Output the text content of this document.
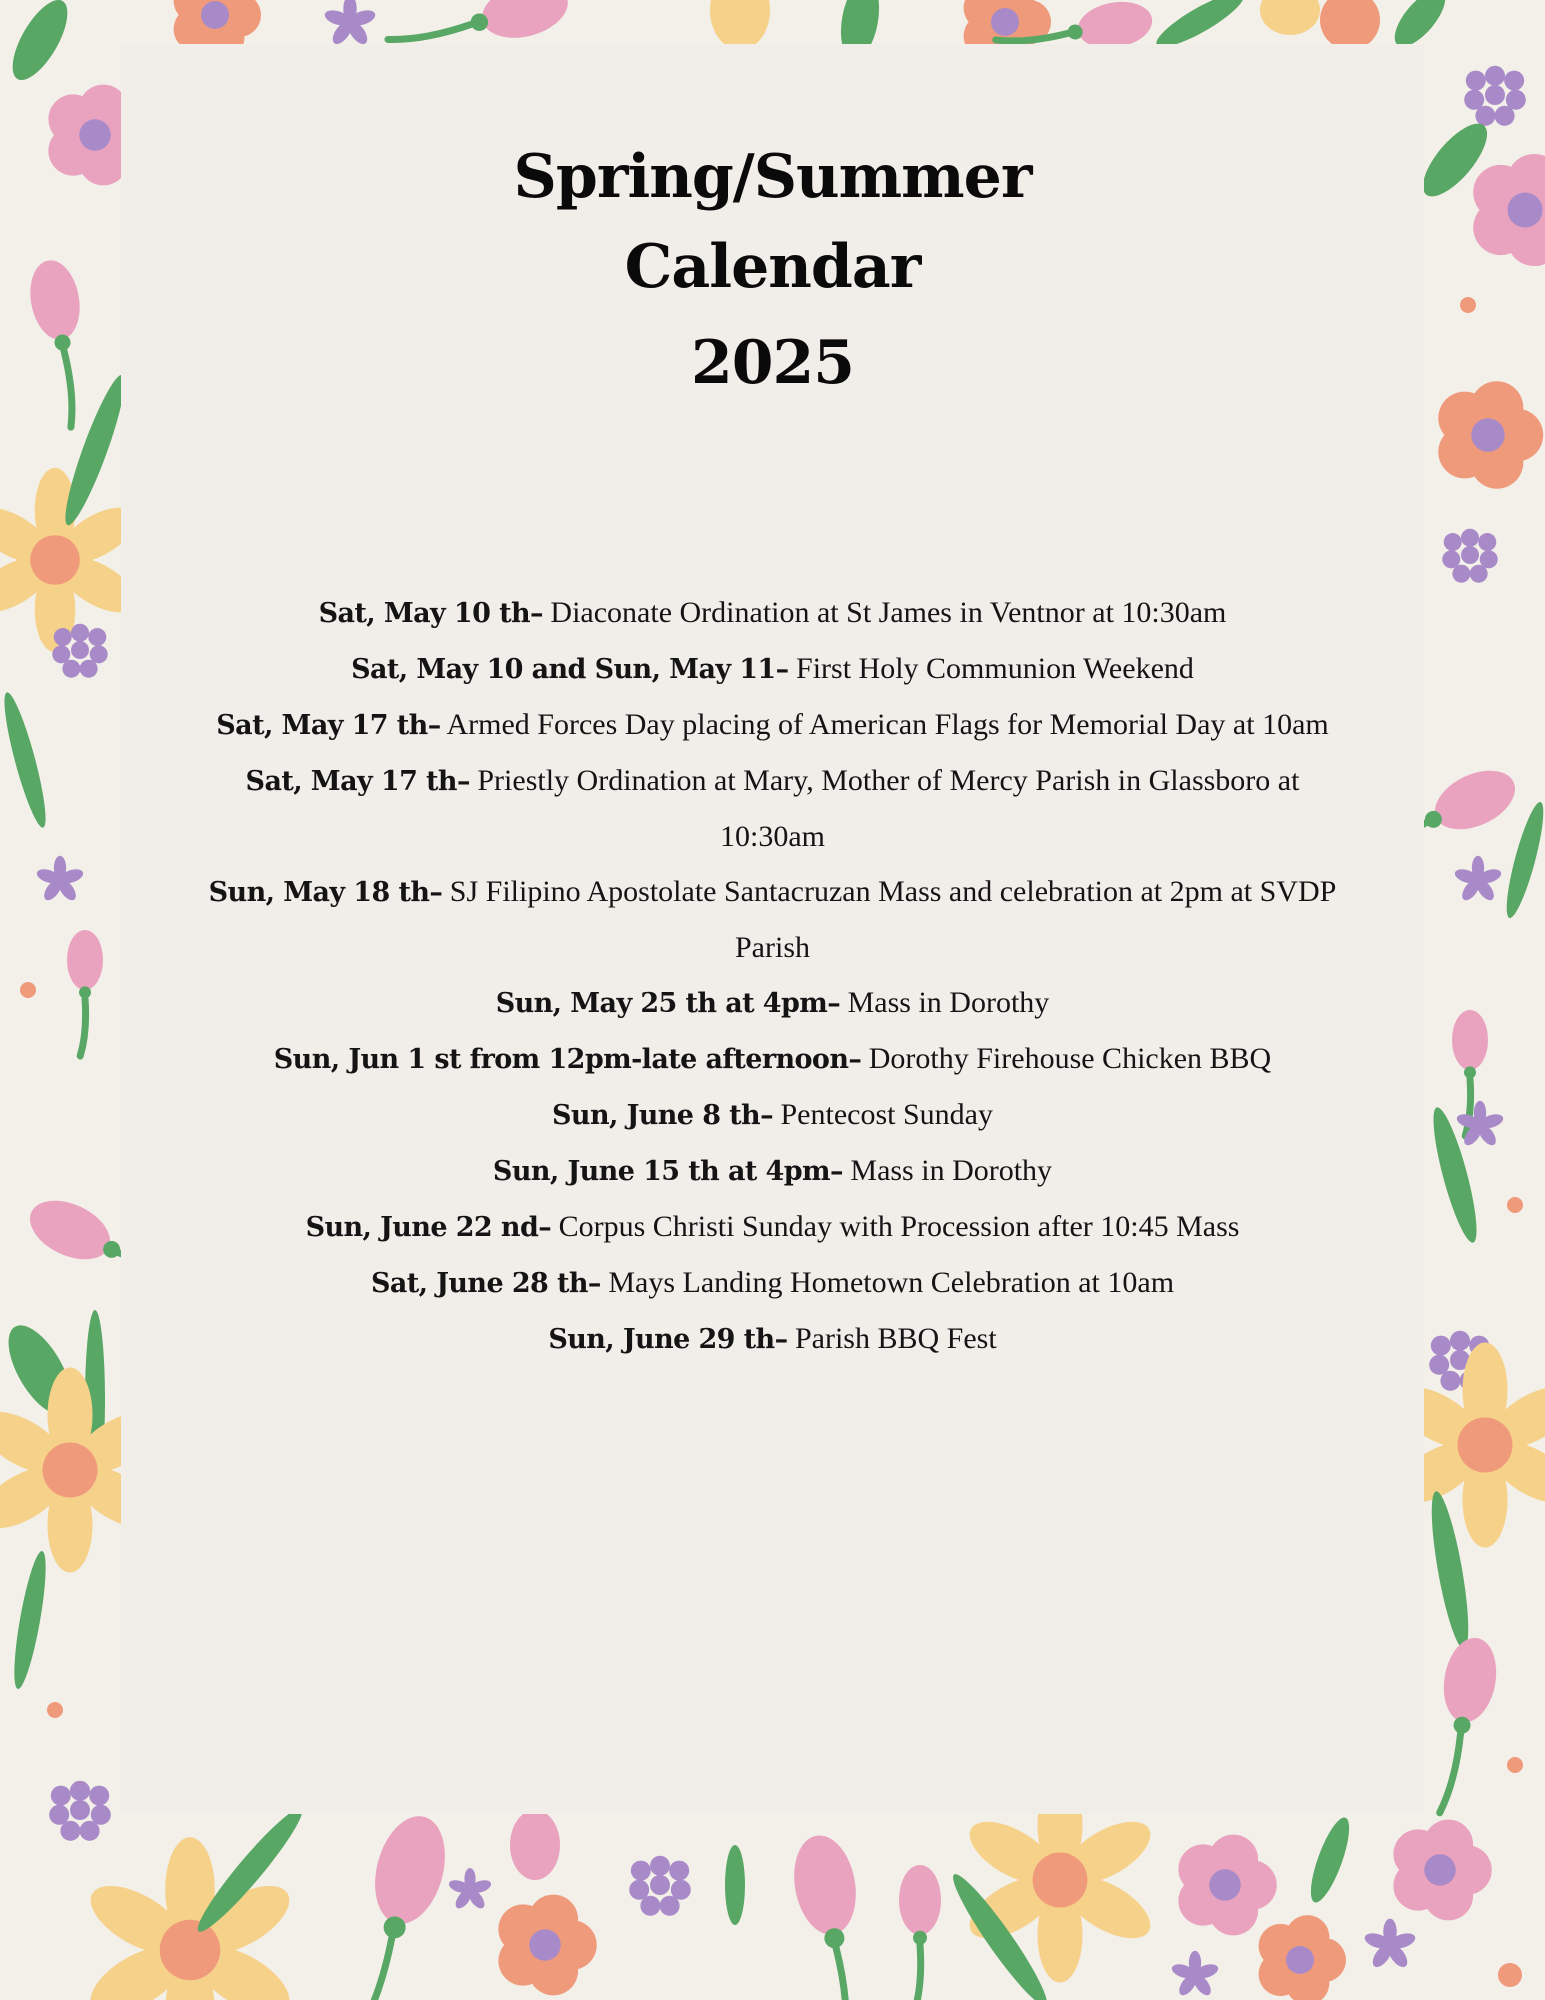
Spring/Summer
Calendar
2025

Sat, May 10 th– Diaconate Ordination at St James in Ventnor at 10:30am

Sat, May 10 and Sun, May 11– First Holy Communion Weekend

Sat, May 17 th– Armed Forces Day placing of American Flags for Memorial Day at 10am

Sat, May 17 th– Priestly Ordination at Mary, Mother of Mercy Parish in Glassboro at 10:30am

Sun, May 18 th– SJ Filipino Apostolate Santacruzan Mass and celebration at 2pm at SVDP Parish

Sun, May 25 th at 4pm– Mass in Dorothy

Sun, Jun 1 st from 12pm-late afternoon– Dorothy Firehouse Chicken BBQ

Sun, June 8 th– Pentecost Sunday

Sun, June 15 th at 4pm– Mass in Dorothy

Sun, June 22 nd– Corpus Christi Sunday with Procession after 10:45 Mass

Sat, June 28 th– Mays Landing Hometown Celebration at 10am

Sun, June 29 th– Parish BBQ Fest
